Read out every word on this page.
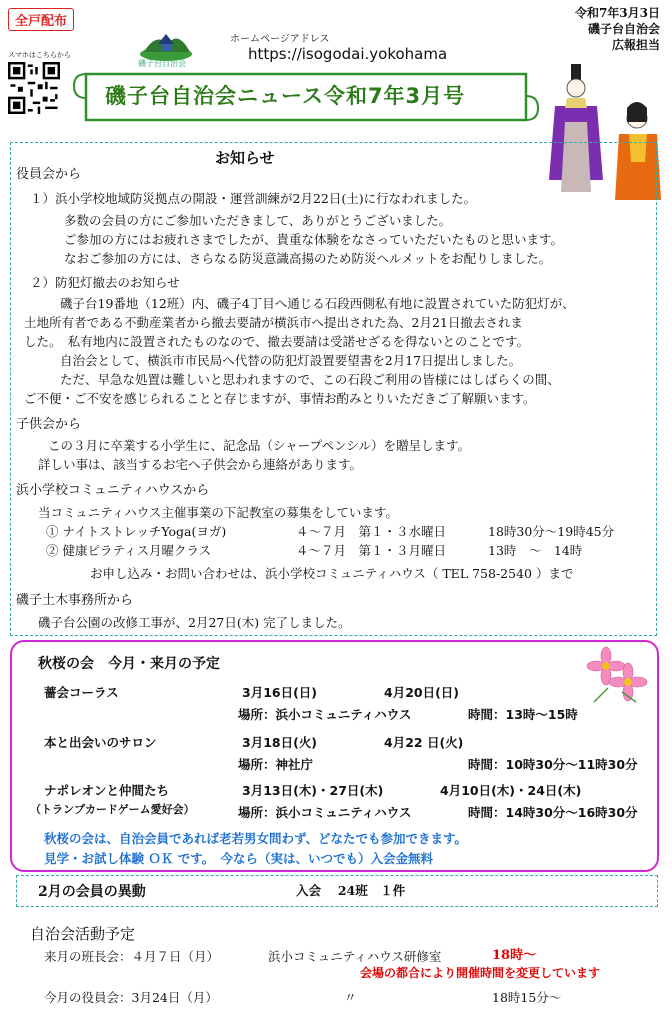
全戸配布
スマホはこちらから
磯子台自治会
ホームページアドレス
https://isogodai.yokohama
令和7年3月3日
磯子台自治会
広報担当
磯子台自治会ニュース令和7年3月号
お知らせ
役員会から
１）浜小学校地域防災拠点の開設・運営訓練が2月22日(土)に行なわれました。
多数の会員の方にご参加いただきまして、ありがとうございました。
ご参加の方にはお疲れさまでしたが、貴重な体験をなさっていただいたものと思います。
なおご参加の方には、さらなる防災意識高揚のため防災ヘルメットをお配りしました。
２）防犯灯撤去のお知らせ
磯子台19番地（12班）内、磯子4丁目へ通じる石段西側私有地に設置されていた防犯灯が、
土地所有者である不動産業者から撤去要請が横浜市へ提出された為、2月21日撤去されま
した。　私有地内に設置されたものなので、撤去要請は受諾せざるを得ないとのことです。
自治会として、横浜市市民局へ代替の防犯灯設置要望書を2月17日提出しました。
ただ、早急な処置は難しいと思われますので、この石段ご利用の皆様にはしばらくの間、
ご不便・ご不安を感じられることと存じますが、事情お酌みとりいただきご了解願います。
子供会から
この３月に卒業する小学生に、記念品（シャープペンシル）を贈呈します。
詳しい事は、該当するお宅へ子供会から連絡があります。
浜小学校コミュニティハウスから
当コミュニティハウス主催事業の下記教室の募集をしています。
① ナイトストレッチYoga(ヨガ)	４～７月　第１・３水曜日	18時30分～19時45分
② 健康ピラティス月曜クラス	４～７月　第１・３月曜日	13時　～　14時
お申し込み・お問い合わせは、浜小学校コミュニティハウス（ TEL 758-2540 ）まで
磯子土木事務所から
磯子台公園の改修工事が、2月27日(木) 完了しました。
秋桜の会　今月・来月の予定
薔会コーラス	3月16日(日)	4月20日(日)
場所：浜小コミュニティハウス	時間：13時～15時
本と出会いのサロン	3月18日(火)	4月22 日(火)
場所：神社庁	時間：10時30分～11時30分
ナポレオンと仲間たち
（トランプカードゲーム愛好会）
3月13日(木)・27日(木)	4月10日(木)・24日(木)
場所：浜小コミュニティハウス	時間：14時30分～16時30分
秋桜の会は、自治会員であれば老若男女問わず、どなたでも参加できます。
見学・お試し体験 ＯＫ です。　今なら（実は、いつでも）入会金無料
2月の会員の異動	入会　 24班　１件
自治会活動予定
来月の班長会：４月７日（月）	浜小コミュニティハウス研修室	18時～
会場の都合により開催時間を変更しています
今月の役員会：3月24日（月）	〃	18時15分～
